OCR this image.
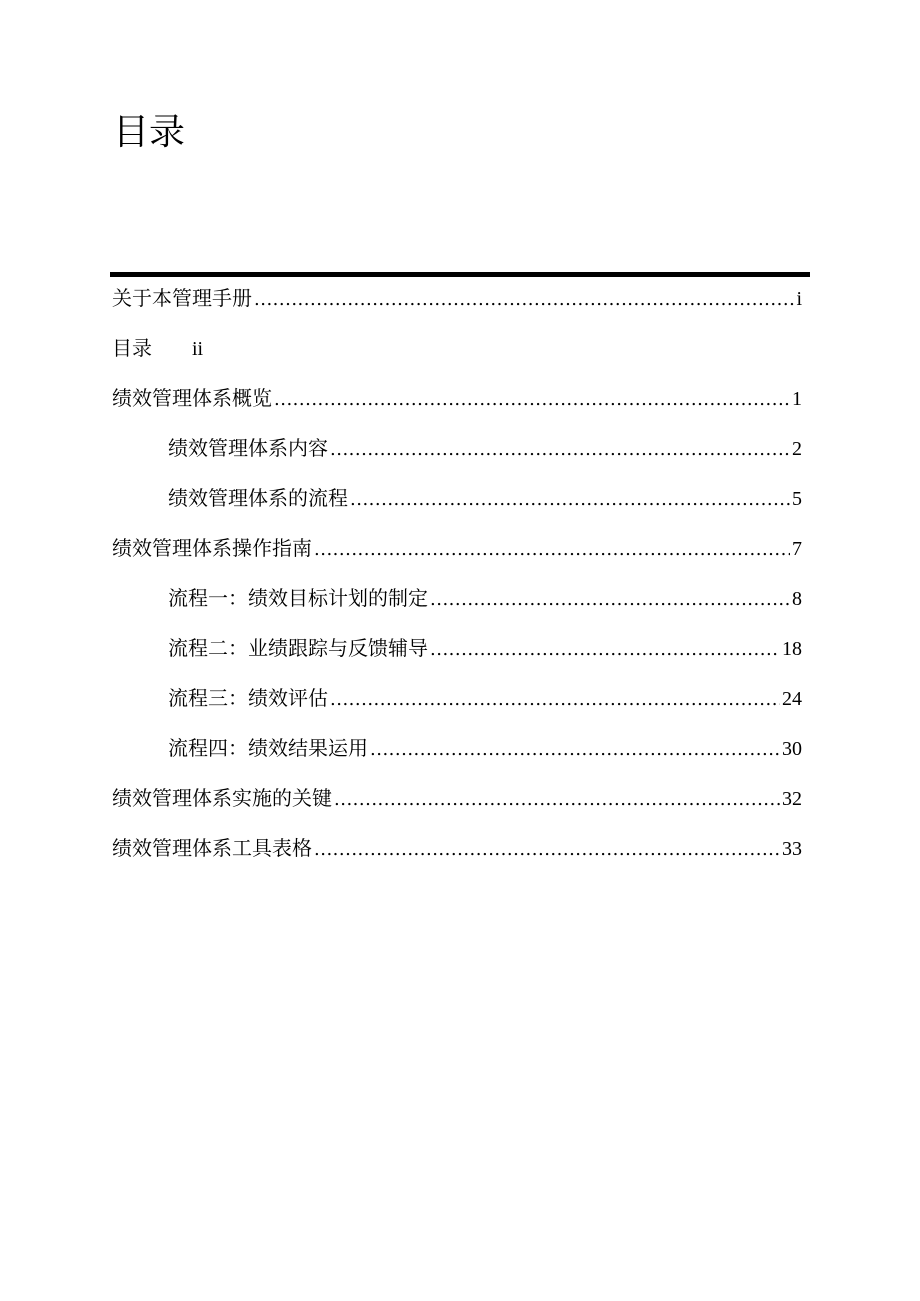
目录
关于本管理手册 .....	i
目录 ii
绩效管理体系概览 .....	1
绩效管理体系内容 .....	2
绩效管理体系的流程 .....	5
绩效管理体系操作指南 .....	7
流程一：绩效目标计划的制定 .....	8
流程二：业绩跟踪与反馈辅导 .....	18
流程三：绩效评估 .....	24
流程四：绩效结果运用 .....	30
绩效管理体系实施的关键 .....	32
绩效管理体系工具表格 .....	33
